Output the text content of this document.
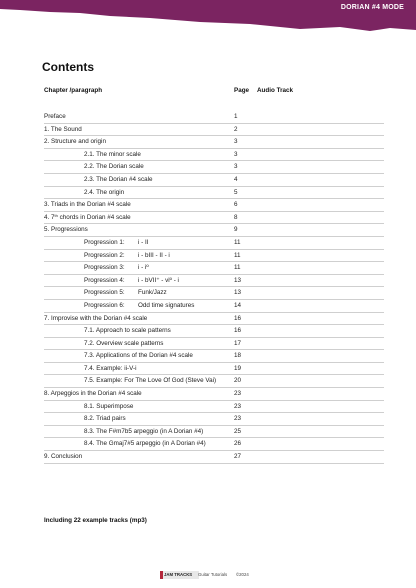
DORIAN #4 MODE
Contents
Chapter /paragraph	Page Audio Track
Preface	1
1. The Sound	2
2. Structure and origin	3
2.1. The minor scale	3
2.2. The Dorian scale	3
2.3. The Dorian #4 scale	4
2.4. The origin	5
3. Triads in the Dorian #4 scale	6
4. 7th chords in Dorian #4 scale	8
5. Progressions	9
Progression 1: i - II	11
Progression 2: i - bIII - II - i	11
Progression 3: i - iº	11
Progression 4: i - bVII⁺ - viº - i	13
Progression 5: Funk/Jazz	13
Progression 6: Odd time signatures	14
7. Improvise with the Dorian #4 scale	16
7.1. Approach to scale patterns	16
7.2. Overview scale patterns	17
7.3. Applications of the Dorian #4 scale	18
7.4. Example: ii-V-i	19
7.5. Example: For The Love Of God (Steve Vai)	20
8. Arpeggios in the Dorian #4 scale	23
8.1. Superimpose	23
8.2. Triad pairs	23
8.3. The F#m7b5 arpeggio (in A Dorian #4)	25
8.4. The Gmaj7#5 arpeggio (in A Dorian #4)	26
9. Conclusion	27
Including 22 example tracks (mp3)
JAM TRACKS Guitar Tutorials ©2024
